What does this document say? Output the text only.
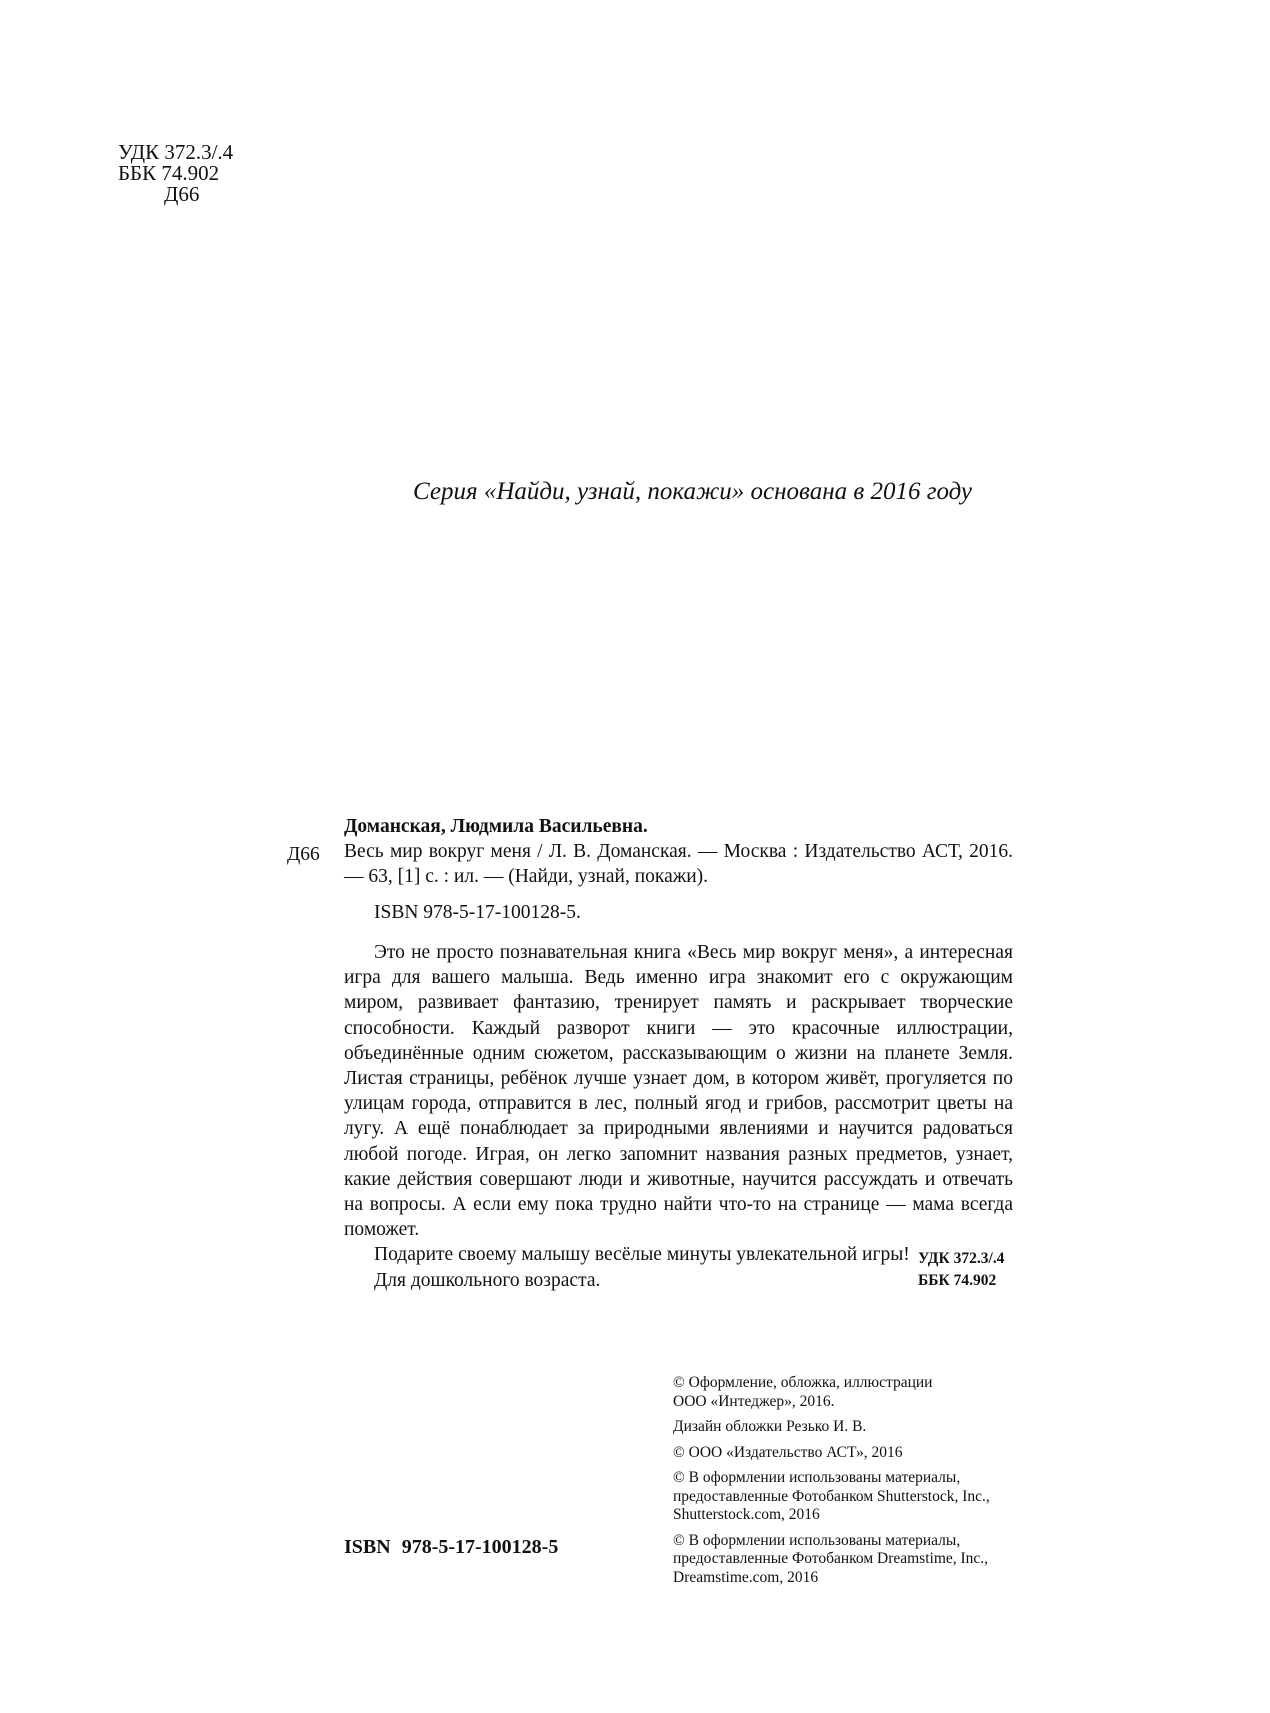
УДК 372.3/.4
ББК 74.902
Д66
Серия «Найди, узнай, покажи» основана в 2016 году
Д66
Доманская, Людмила Васильевна.
Весь мир вокруг меня / Л. В. Доманская. — Москва : Издательство АСТ, 2016. — 63, [1] с. : ил. — (Найди, узнай, покажи).
ISBN 978-5-17-100128-5.

Это не просто познавательная книга «Весь мир вокруг меня», а интересная игра для вашего малыша. Ведь именно игра знакомит его с окружающим миром, развивает фантазию, тренирует память и раскрывает творческие способности. Каждый разворот книги — это красочные иллюстрации, объединённые одним сюжетом, рассказывающим о жизни на планете Земля. Листая страницы, ребёнок лучше узнает дом, в котором живёт, прогуляется по улицам города, отправится в лес, полный ягод и грибов, рассмотрит цветы на лугу. А ещё понаблюдает за природными явлениями и научится радоваться любой погоде. Играя, он легко запомнит названия разных предметов, узнает, какие действия совершают люди и животные, научится рассуждать и отвечать на вопросы. А если ему пока трудно найти что-то на странице — мама всегда поможет.

Подарите своему малышу весёлые минуты увлекательной игры!

Для дошкольного возраста.

УДК 372.3/.4
ББК 74.902
© Оформление, обложка, иллюстрации
ООО «Интеджер», 2016.
Дизайн обложки Резько И. В.
© ООО «Издательство АСТ», 2016
© В оформлении использованы материалы,
предоставленные Фотобанком Shutterstock, Inc.,
Shutterstock.com, 2016
© В оформлении использованы материалы,
предоставленные Фотобанком Dreamstime, Inc.,
Dreamstime.com, 2016
ISBN 978-5-17-100128-5
